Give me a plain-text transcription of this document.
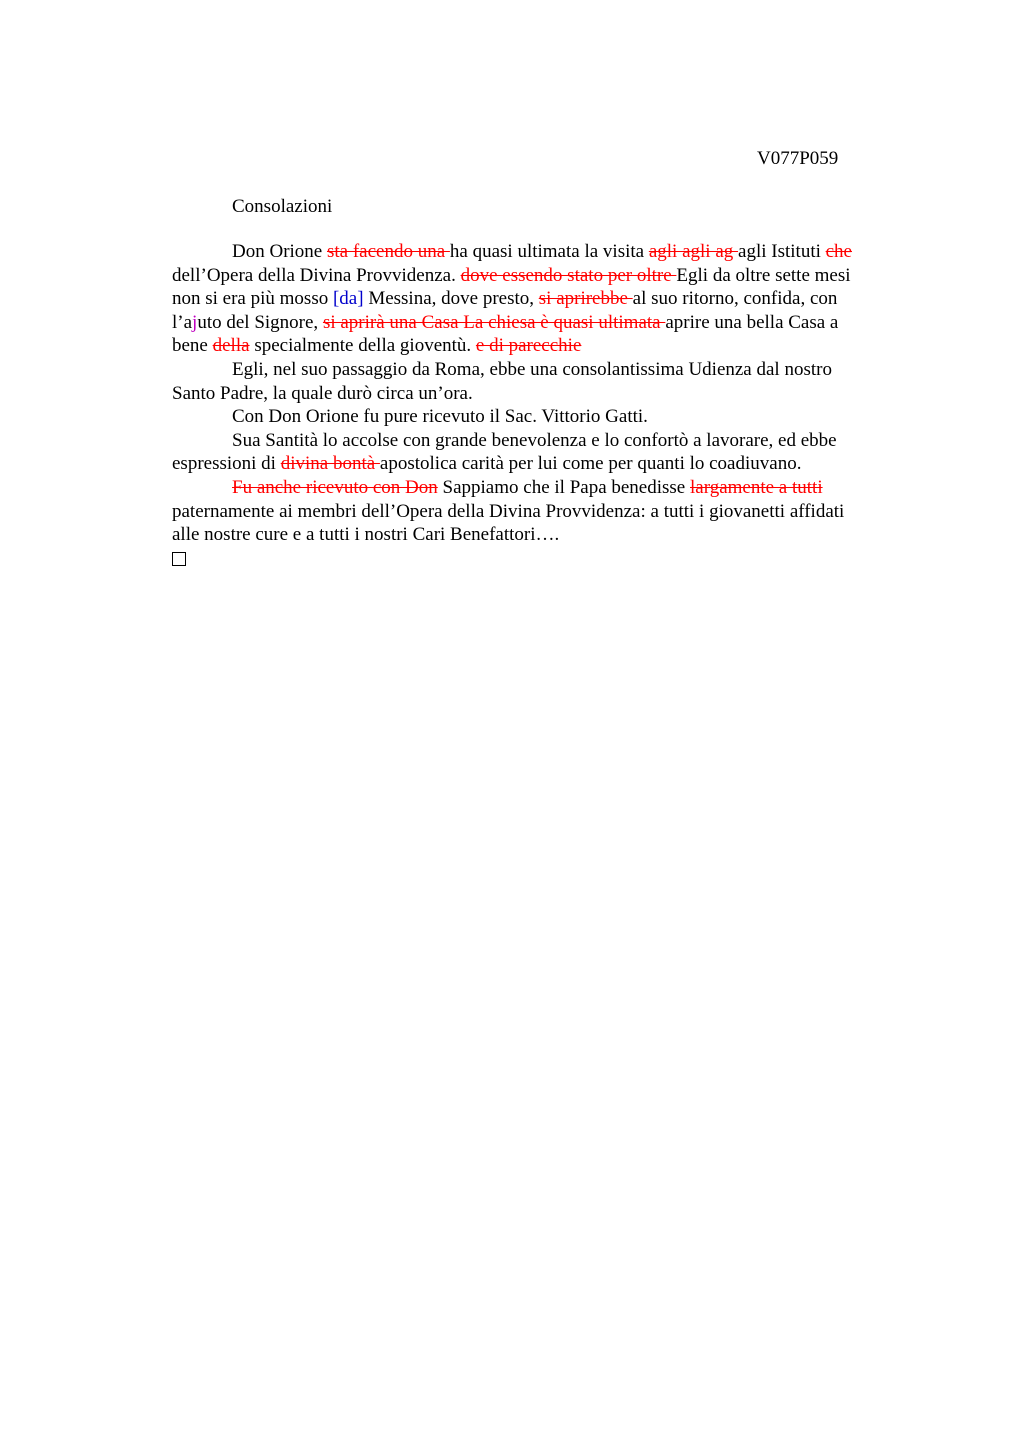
V077P059
Consolazioni
Don Orione sta facendo una ha quasi ultimata la visita agli agli ag agli Istituti che
dell’Opera della Divina Provvidenza. dove essendo stato per oltre Egli da oltre sette mesi
non si era più mosso [da] Messina, dove presto, si aprirebbe al suo ritorno, confida, con
l’ajuto del Signore, si aprirà una Casa La chiesa è quasi ultimata aprire una bella Casa a
bene della specialmente della gioventù. e di parecchie
Egli, nel suo passaggio da Roma, ebbe una consolantissima Udienza dal nostro
Santo Padre, la quale durò circa un’ora.
Con Don Orione fu pure ricevuto il Sac. Vittorio Gatti.
Sua Santità lo accolse con grande benevolenza e lo confortò a lavorare, ed ebbe
espressioni di divina bontà apostolica carità per lui come per quanti lo coadiuvano.
Fu anche ricevuto con Don Sappiamo che il Papa benedisse largamente a tutti
paternamente ai membri dell’Opera della Divina Provvidenza: a tutti i giovanetti affidati
alle nostre cure e a tutti i nostri Cari Benefattori….
